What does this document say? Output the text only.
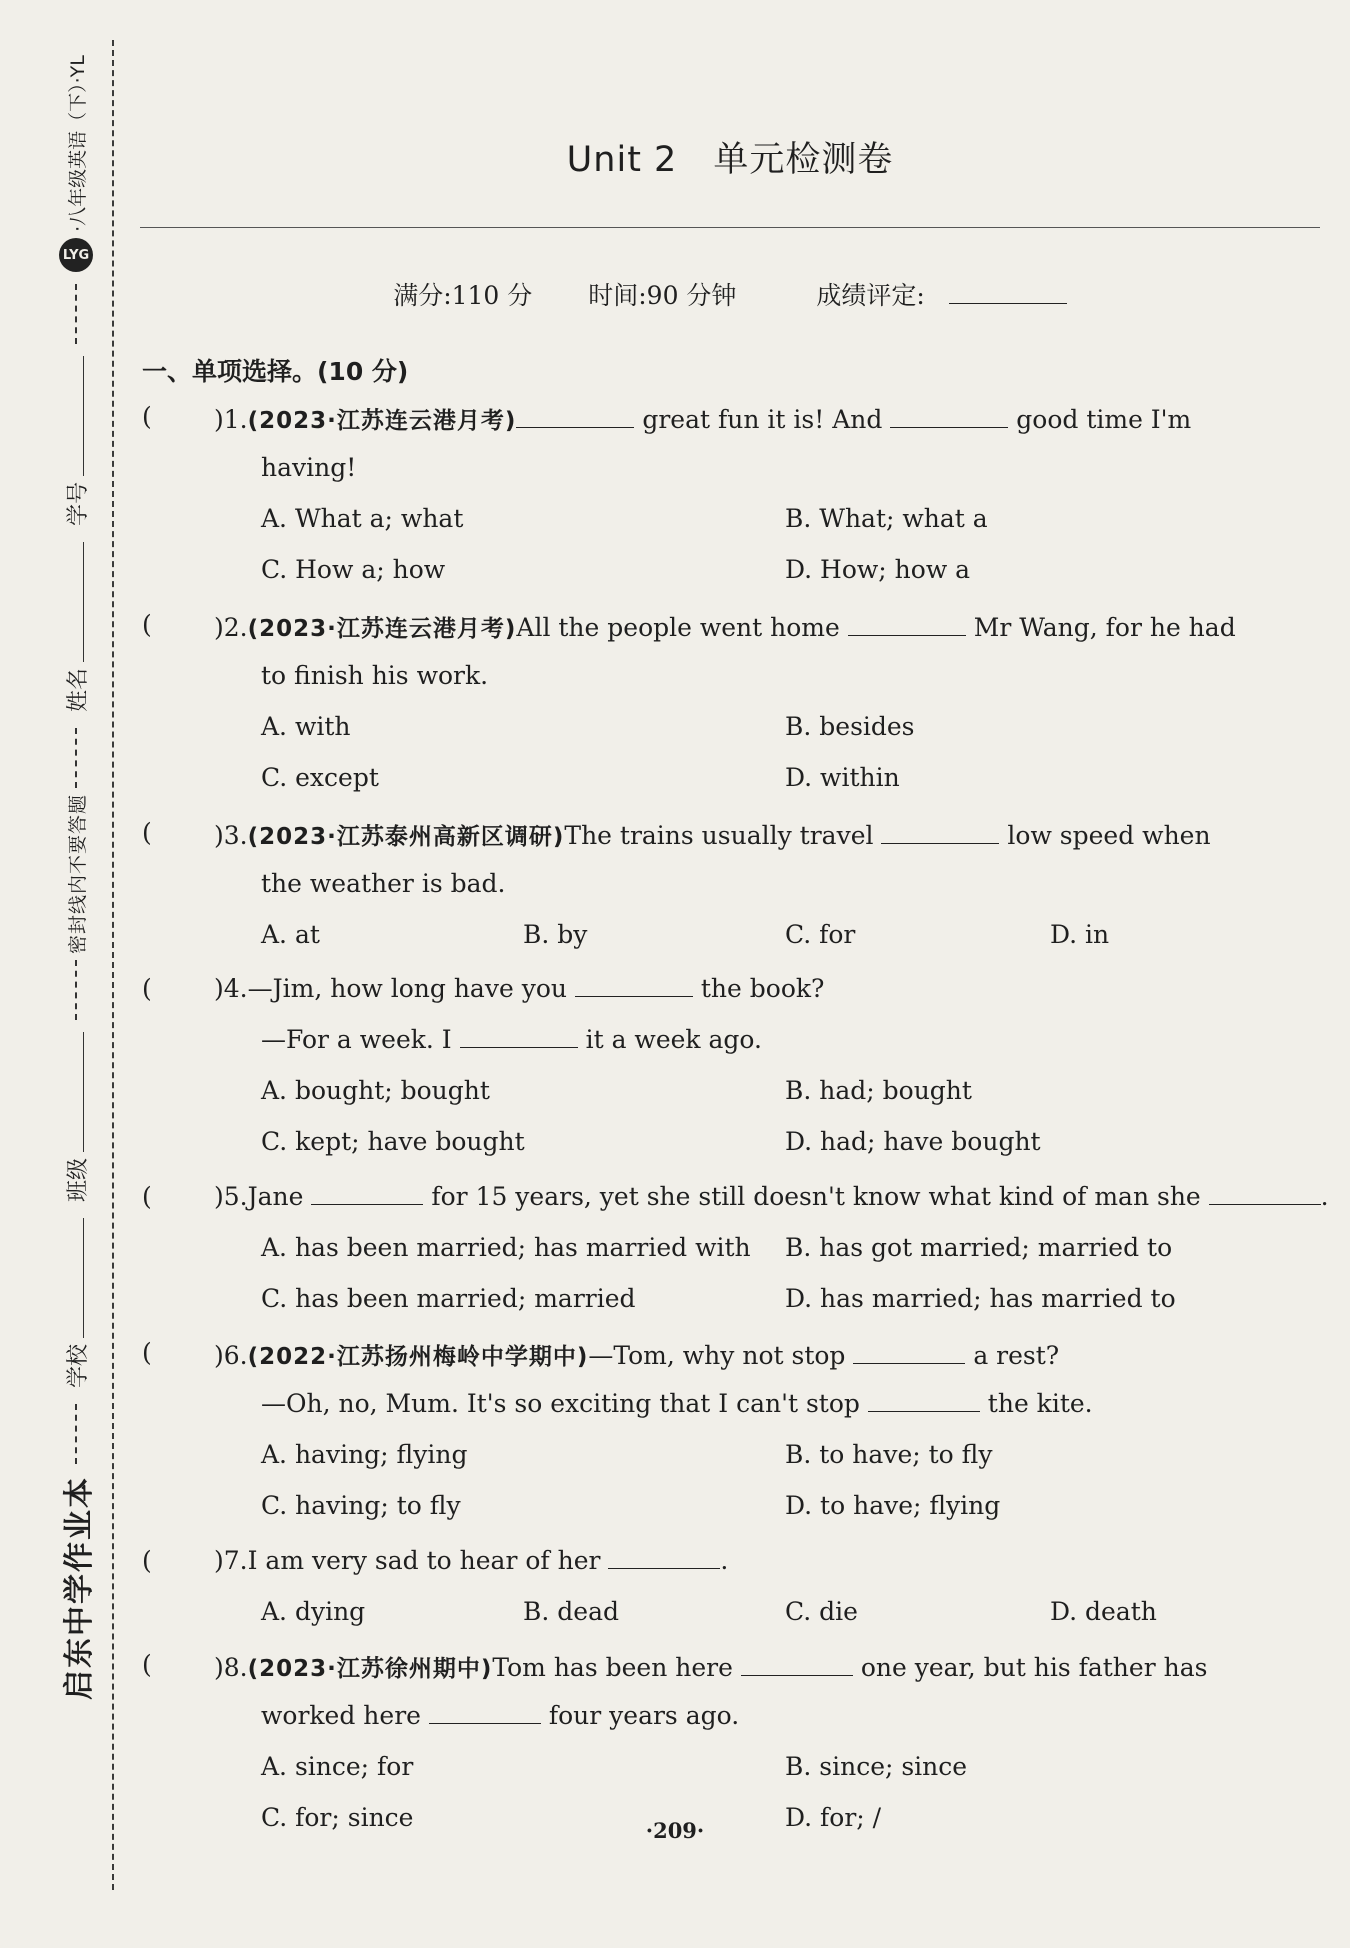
启东中学作业本
学校
班级
密封线内不要答题
姓名
学号
LYG
·八年级英语（下）·YL	Unit 2　单元检测卷
满分:110 分 时间:90 分钟	成绩评定:
一、单项选择。(10 分)
( )1.(2023·江苏连云港月考)	great fun it is! And	good time I'm
having!
A. What a; what	B. What; what a
C. How a; how	D. How; how a
( )2.(2023·江苏连云港月考)All the people went home	Mr Wang, for he had
to finish his work.
A. with	B. besides
C. except	D. within
( )3.(2023·江苏泰州高新区调研)The trains usually travel	low speed when
the weather is bad.
A. at	B. by	C. for	D. in
( )4.—Jim, how long have you	the book?
—For a week. I	it a week ago.
A. bought; bought	B. had; bought
C. kept; have bought	D. had; have bought
( )5.Jane	for 15 years, yet she still doesn't know what kind of man she	.
A. has been married; has married with B. has got married; married to
C. has been married; married	D. has married; has married to
( )6.(2022·江苏扬州梅岭中学期中)—Tom, why not stop	a rest?
—Oh, no, Mum. It's so exciting that I can't stop	the kite.
A. having; flying	B. to have; to fly
C. having; to fly	D. to have; flying
( )7.I am very sad to hear of her	.
A. dying	B. dead	C. die	D. death
( )8.(2023·江苏徐州期中)Tom has been here	one year, but his father has
worked here	four years ago.
A. since; for	B. since; since
C. for; since	D. for; /
·209·
